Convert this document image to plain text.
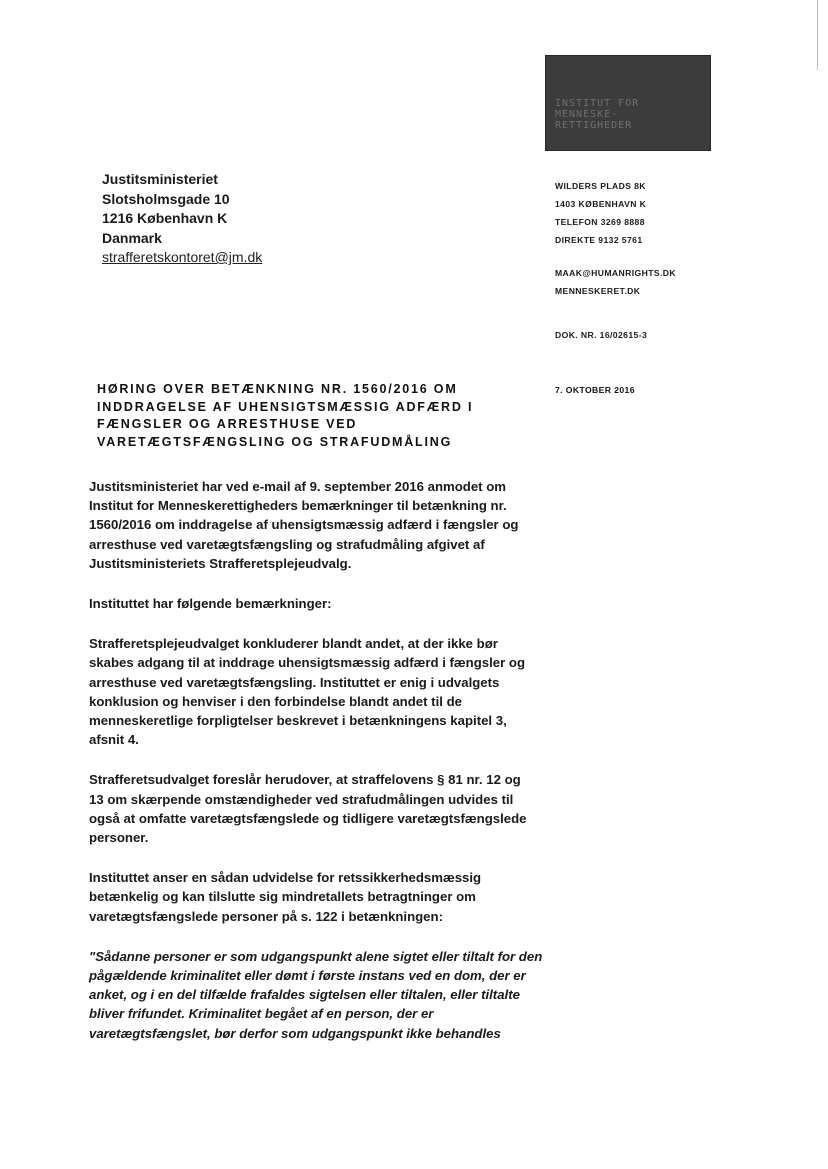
INSTITUT FOR
MENNESKE-
RETTIGHEDER
Justitsministeriet
Slotsholmsgade 10
1216 København K
Danmark
strafferetskontoret@jm.dk
WILDERS PLADS 8K
1403 KØBENHAVN K
TELEFON 3269 8888
DIREKTE 9132 5761
MAAK@HUMANRIGHTS.DK
MENNESKERET.DK
DOK. NR. 16/02615-3
7. OKTOBER 2016
HØRING OVER BETÆNKNING NR. 1560/2016 OM
INDDRAGELSE AF UHENSIGTSMÆSSIG ADFÆRD I
FÆNGSLER OG ARRESTHUSE VED
VARETÆGTSFÆNGSLING OG STRAFUDMÅLING
Justitsministeriet har ved e-mail af 9. september 2016 anmodet om
Institut for Menneskerettigheders bemærkninger til betænkning nr.
1560/2016 om inddragelse af uhensigtsmæssig adfærd i fængsler og
arresthuse ved varetægtsfængsling og strafudmåling afgivet af
Justitsministeriets Strafferetsplejeudvalg.
Instituttet har følgende bemærkninger:
Strafferetsplejeudvalget konkluderer blandt andet, at der ikke bør
skabes adgang til at inddrage uhensigtsmæssig adfærd i fængsler og
arresthuse ved varetægtsfængsling. Instituttet er enig i udvalgets
konklusion og henviser i den forbindelse blandt andet til de
menneskeretlige forpligtelser beskrevet i betænkningens kapitel 3,
afsnit 4.
Strafferetsudvalget foreslår herudover, at straffelovens § 81 nr. 12 og
13 om skærpende omstændigheder ved strafudmålingen udvides til
også at omfatte varetægtsfængslede og tidligere varetægtsfængslede
personer.
Instituttet anser en sådan udvidelse for retssikkerhedsmæssig
betænkelig og kan tilslutte sig mindretallets betragtninger om
varetægtsfængslede personer på s. 122 i betænkningen:
"Sådanne personer er som udgangspunkt alene sigtet eller tiltalt for den
pågældende kriminalitet eller dømt i første instans ved en dom, der er
anket, og i en del tilfælde frafaldes sigtelsen eller tiltalen, eller tiltalte
bliver frifundet. Kriminalitet begået af en person, der er
varetægtsfængslet, bør derfor som udgangspunkt ikke behandles
